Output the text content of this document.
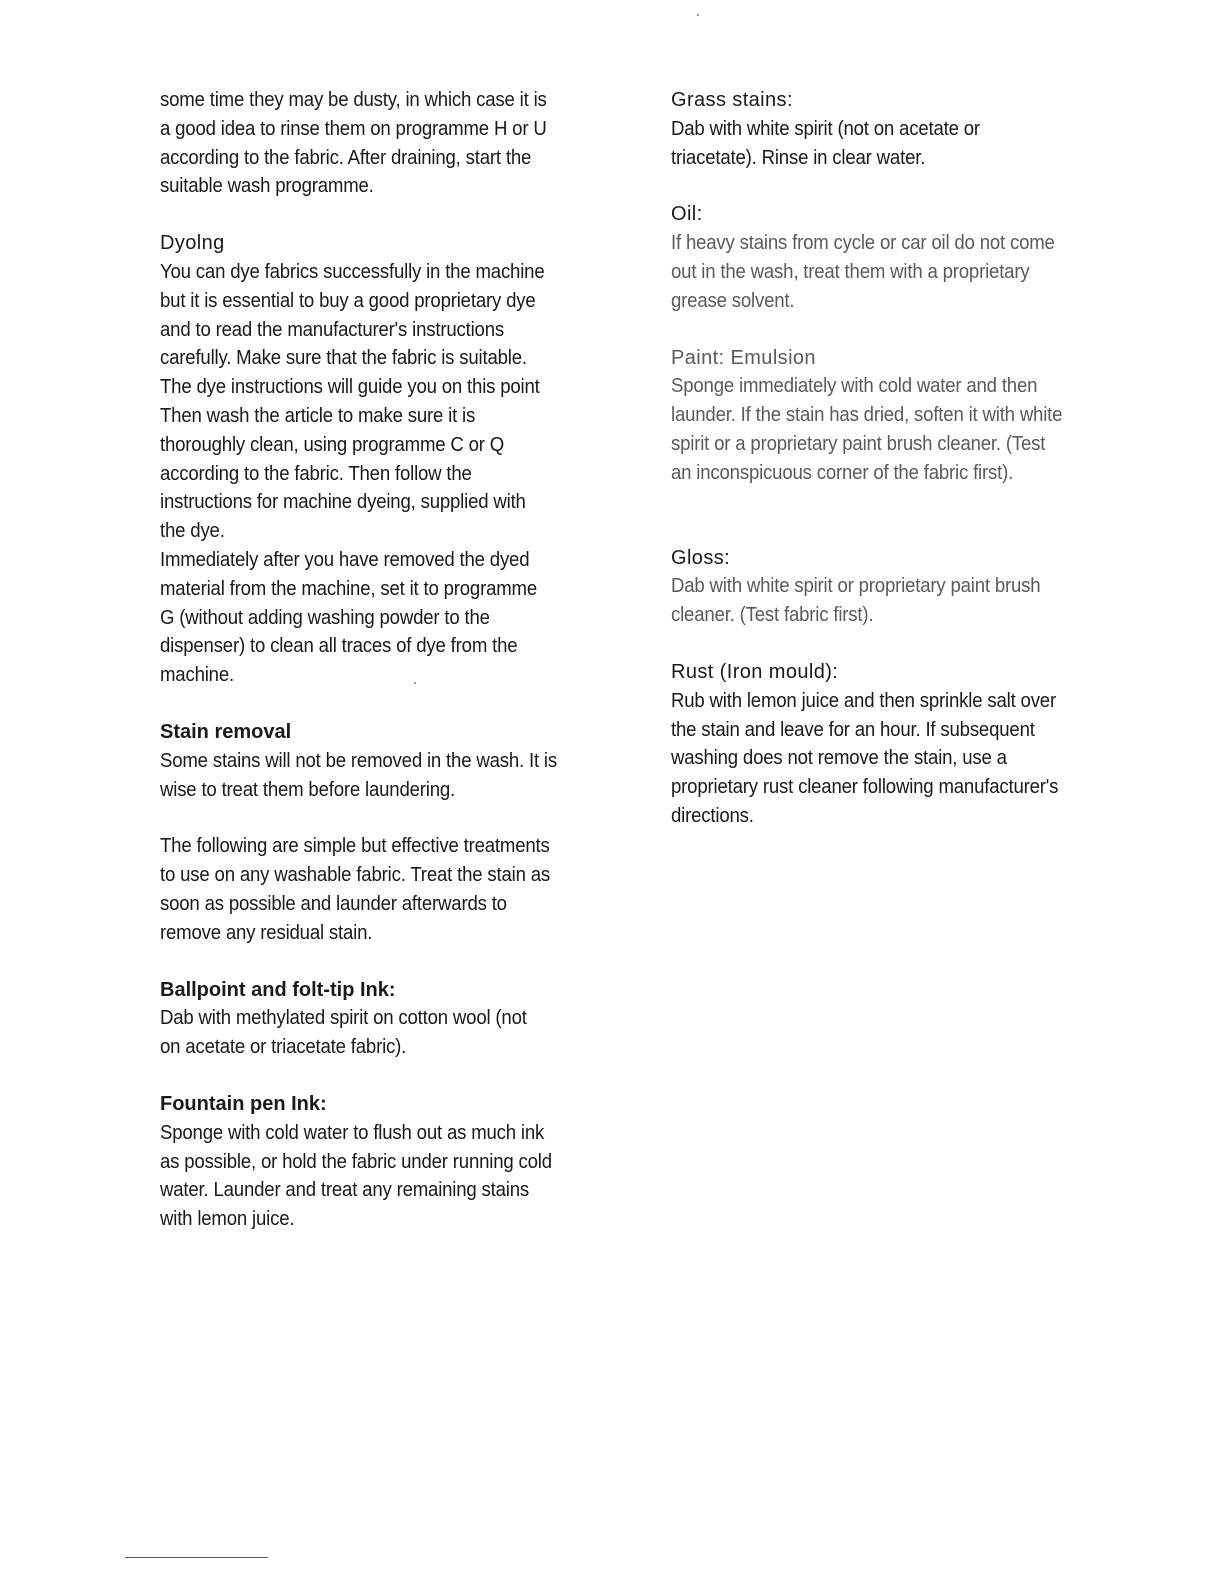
some time they may be dusty, in which case it is
a good idea to rinse them on programme H or U
according to the fabric. After draining, start the
suitable wash programme.
Dyolng
You can dye fabrics successfully in the machine
but it is essential to buy a good proprietary dye
and to read the manufacturer's instructions
carefully. Make sure that the fabric is suitable.
The dye instructions will guide you on this point
Then wash the article to make sure it is
thoroughly clean, using programme C or Q
according to the fabric. Then follow the
instructions for machine dyeing, supplied with
the dye.
Immediately after you have removed the dyed
material from the machine, set it to programme
G (without adding washing powder to the
dispenser) to clean all traces of dye from the
machine.
Stain removal
Some stains will not be removed in the wash. It is
wise to treat them before laundering.
The following are simple but effective treatments
to use on any washable fabric. Treat the stain as
soon as possible and launder afterwards to
remove any residual stain.
Ballpoint and folt-tip Ink:
Dab with methylated spirit on cotton wool (not
on acetate or triacetate fabric).
Fountain pen Ink:
Sponge with cold water to flush out as much ink
as possible, or hold the fabric under running cold
water. Launder and treat any remaining stains
with lemon juice.
Grass stains:
Dab with white spirit (not on acetate or
triacetate). Rinse in clear water.
Oil:
If heavy stains from cycle or car oil do not come
out in the wash, treat them with a proprietary
grease solvent.
Paint: Emulsion
Sponge immediately with cold water and then
launder. If the stain has dried, soften it with white
spirit or a proprietary paint brush cleaner. (Test
an inconspicuous corner of the fabric first).
Gloss:
Dab with white spirit or proprietary paint brush
cleaner. (Test fabric first).
Rust (Iron mould):
Rub with lemon juice and then sprinkle salt over
the stain and leave for an hour. If subsequent
washing does not remove the stain, use a
proprietary rust cleaner following manufacturer's
directions.
